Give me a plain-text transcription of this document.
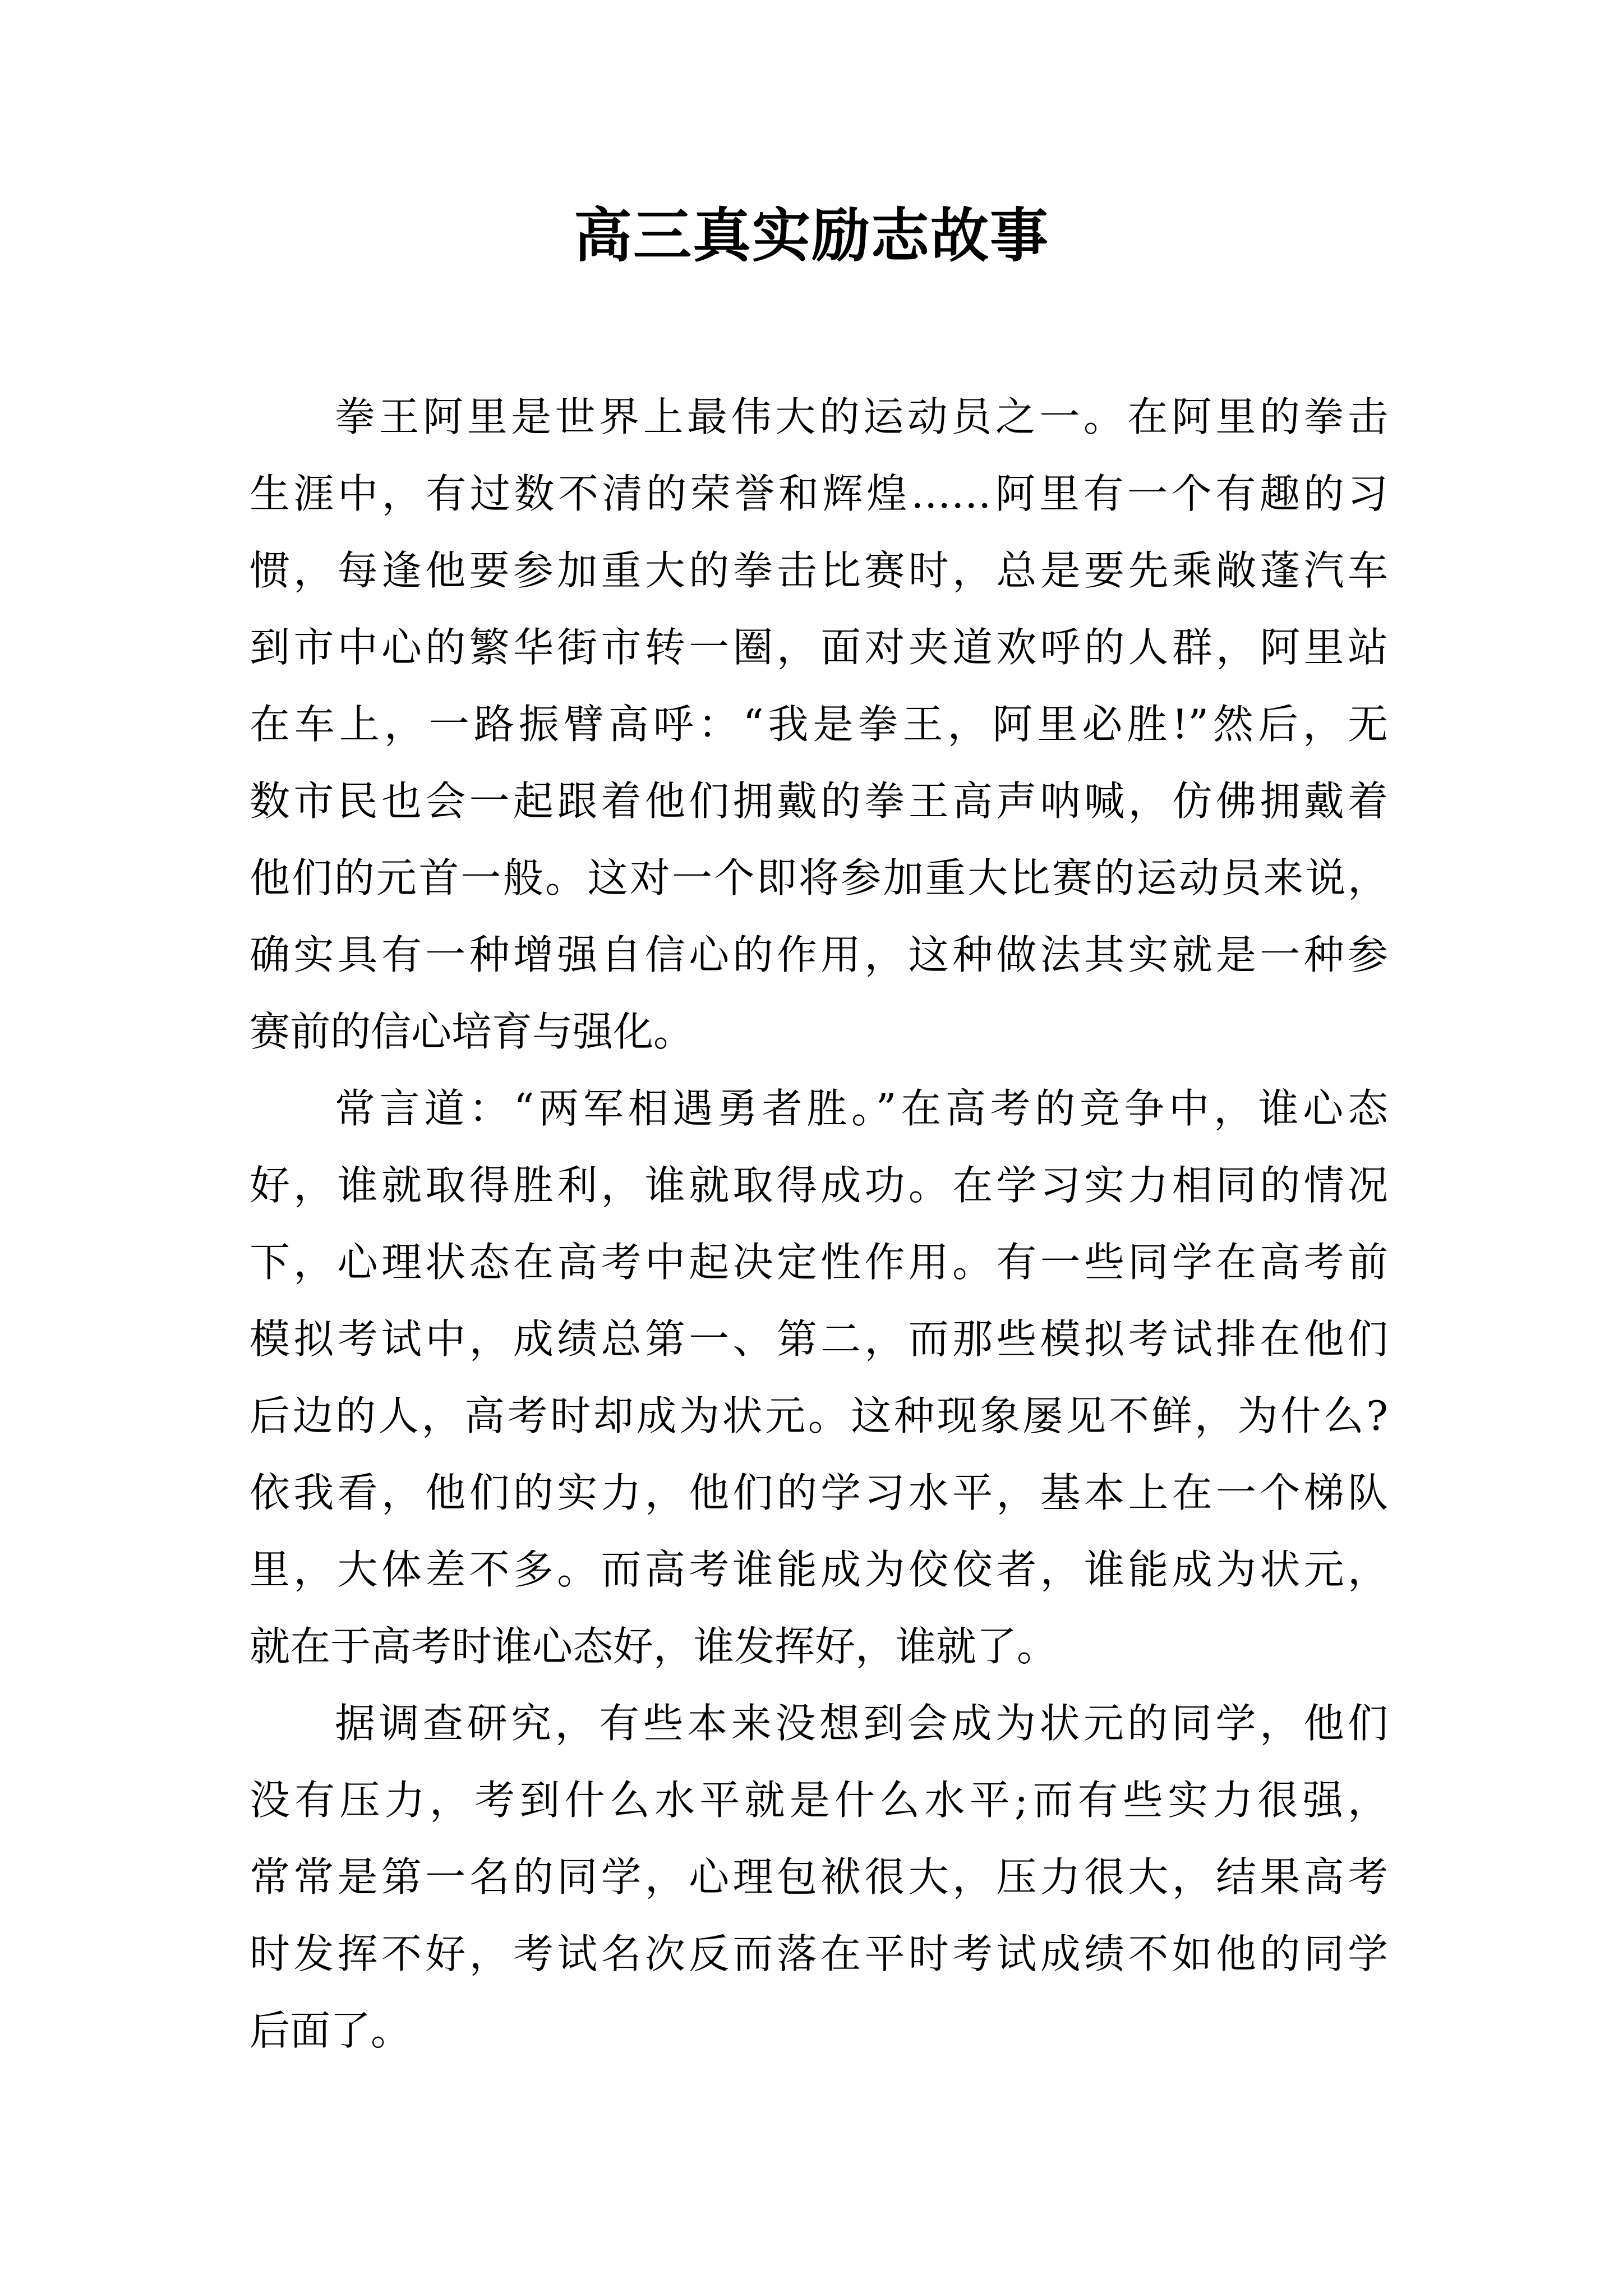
高三真实励志故事
拳王阿里是世界上最伟大的运动员之一。在阿里的拳击
生涯中，有过数不清的荣誉和辉煌……阿里有一个有趣的习
惯，每逢他要参加重大的拳击比赛时，总是要先乘敞蓬汽车
到市中心的繁华街市转一圈，面对夹道欢呼的人群，阿里站
在车上，一路振臂高呼：“我是拳王，阿里必胜!”然后，无
数市民也会一起跟着他们拥戴的拳王高声呐喊，仿佛拥戴着
他们的元首一般。这对一个即将参加重大比赛的运动员来说，
确实具有一种增强自信心的作用，这种做法其实就是一种参
赛前的信心培育与强化。
常言道：“两军相遇勇者胜。”在高考的竞争中，谁心态
好，谁就取得胜利，谁就取得成功。在学习实力相同的情况
下，心理状态在高考中起决定性作用。有一些同学在高考前
模拟考试中，成绩总第一、第二，而那些模拟考试排在他们
后边的人，高考时却成为状元。这种现象屡见不鲜，为什么?
依我看，他们的实力，他们的学习水平，基本上在一个梯队
里，大体差不多。而高考谁能成为佼佼者，谁能成为状元，
就在于高考时谁心态好，谁发挥好，谁就了。
据调查研究，有些本来没想到会成为状元的同学，他们
没有压力，考到什么水平就是什么水平;而有些实力很强，
常常是第一名的同学，心理包袱很大，压力很大，结果高考
时发挥不好，考试名次反而落在平时考试成绩不如他的同学
后面了。
